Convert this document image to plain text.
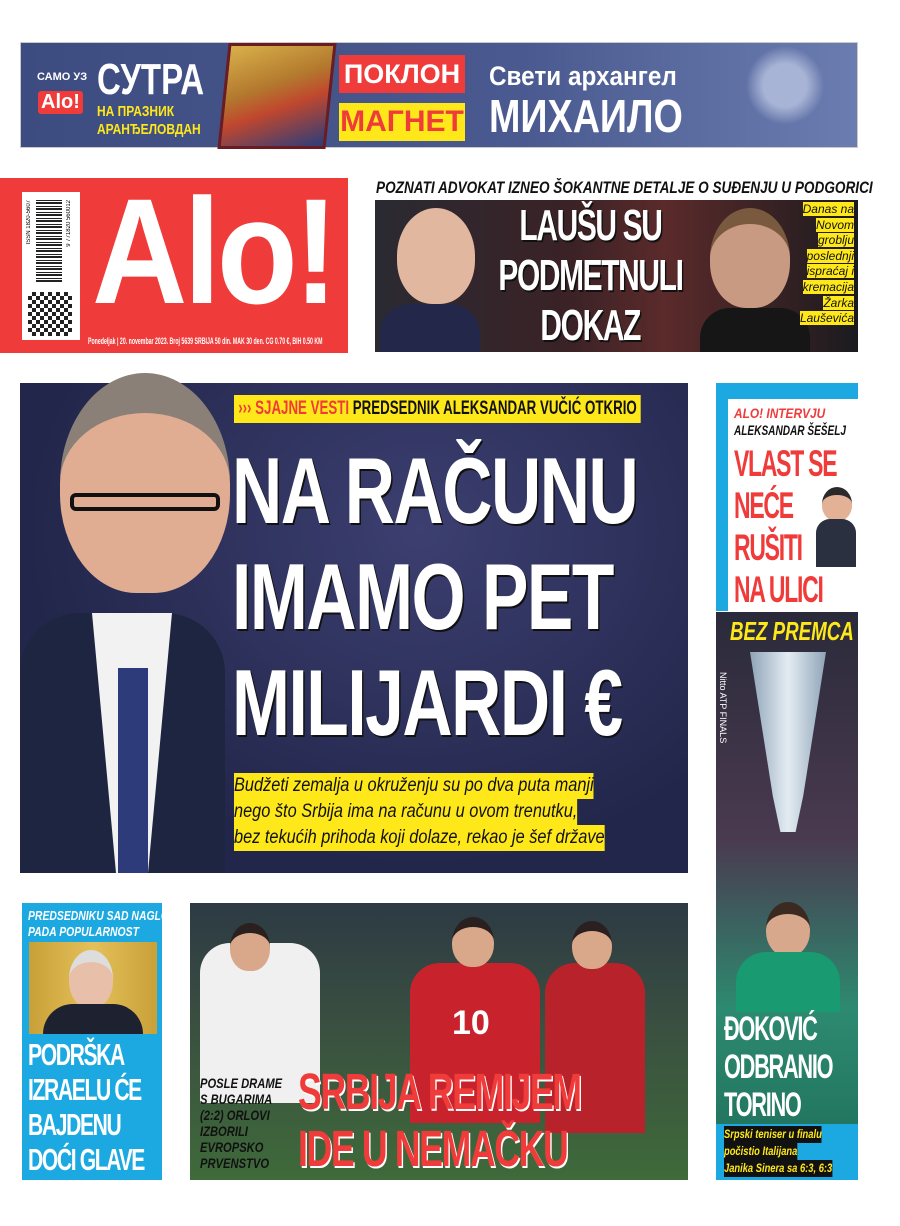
САМО УЗ
Alo! СУТРА
НА ПРАЗНИК
АРАНЂЕЛОВДАН
ПОКЛОН
МАГНЕТ
Свети архангел
МИХАИЛО
Alo!
ISSN 1820-5607	9 771820 560012
Ponedeljak | 20. novembar 2023. Broj 5639 SRBIJA 50 din. MAK 30 den. CG 0.70 €, BIH 0.50 KM
POZNATI ADVOKAT IZNEO ŠOKANTNE DETALJE O SUĐENJU U PODGORICI
LAUŠU SU
PODMETNULI
DOKAZ
Danas na
Novom
groblju
poslednji
ispraćaj i
kremacija
Žarka
Lauševića
››› SJAJNE VESTI PREDSEDNIK ALEKSANDAR VUČIĆ OTKRIO
NA RAČUNU
IMAMO PET
MILIJARDI €
Budžeti zemalja u okruženju su po dva puta manji
nego što Srbija ima na računu u ovom trenutku,
bez tekućih prihoda koji dolaze, rekao je šef države
ALO! INTERVJU
ALEKSANDAR ŠEŠELJ
VLAST SE
NEĆE
RUŠITI
NA ULICI
BEZ PREMCA
Nitto ATP FINALS
ĐOKOVIĆ
ODBRANIO
TORINO
Srpski teniser u finalu
počistio Italijana
Janika Sinera sa 6:3, 6:3
PREDSEDNIKU SAD NAGLO
PADA POPULARNOST
PODRŠKA
IZRAELU ĆE
BAJDENU
DOĆI GLAVE
10
POSLE DRAME
S BUGARIMA
(2:2) ORLOVI
IZBORILI
EVROPSKO
PRVENSTVO
SRBIJA REMIJEM
IDE U NEMAČKU
